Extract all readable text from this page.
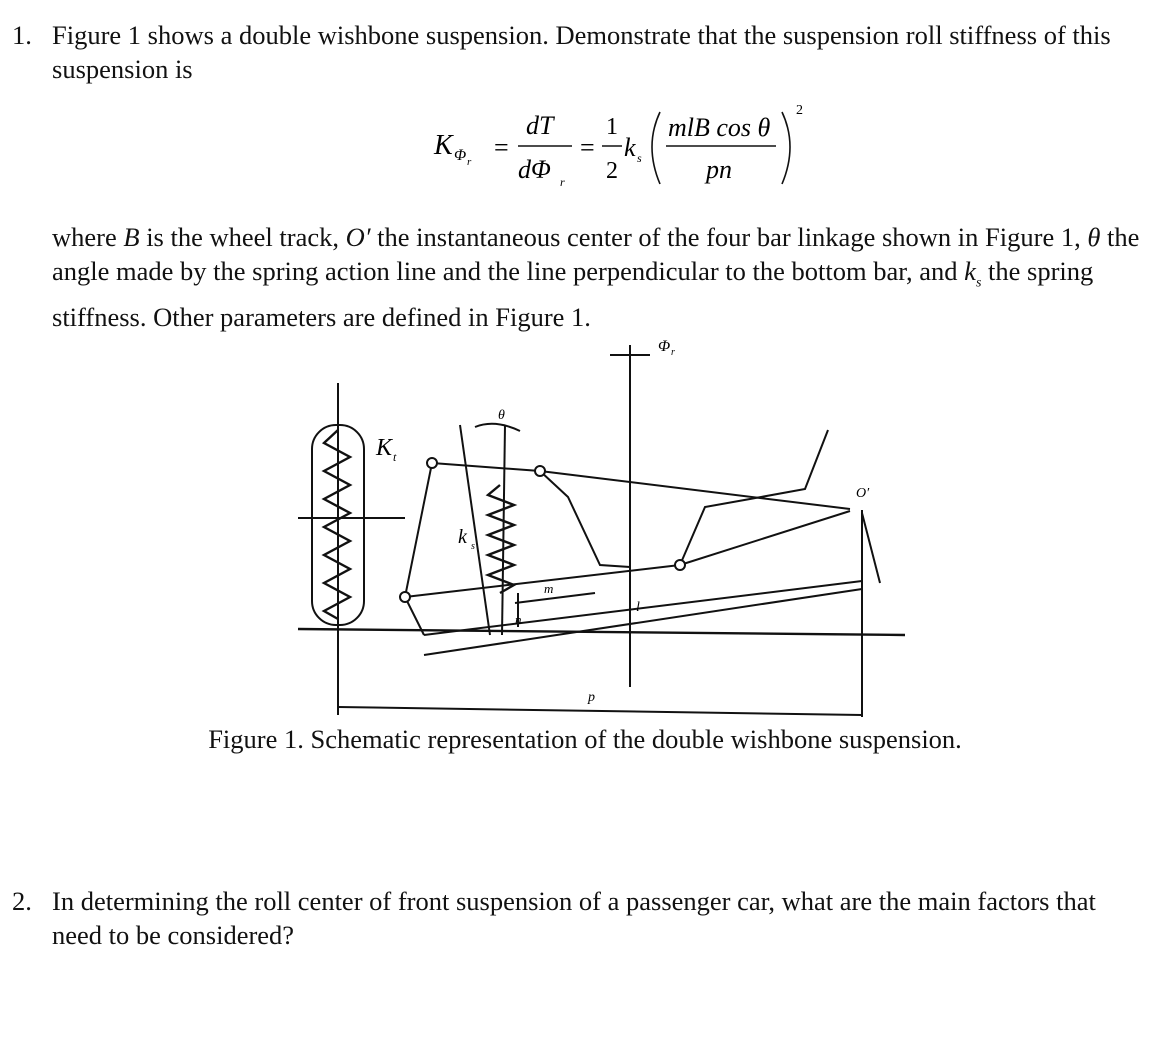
1. Figure 1 shows a double wishbone suspension. Demonstrate that the suspension roll stiffness of this suspension is
K Φ r =
dT
dΦ r
=
1
2
k s
mlB cos θ
pn
2
where B is the wheel track, O′ the instantaneous center of the four bar linkage shown in Figure 1, θ the angle made by the spring action line and the line perpendicular to the bottom bar, and $k_s$ the spring stiffness. Other parameters are defined in Figure 1.
Φ r
θ
K t
k s
m
n
l
p
O′
Figure 1. Schematic representation of the double wishbone suspension.
2. In determining the roll center of front suspension of a passenger car, what are the main factors that need to be considered?
